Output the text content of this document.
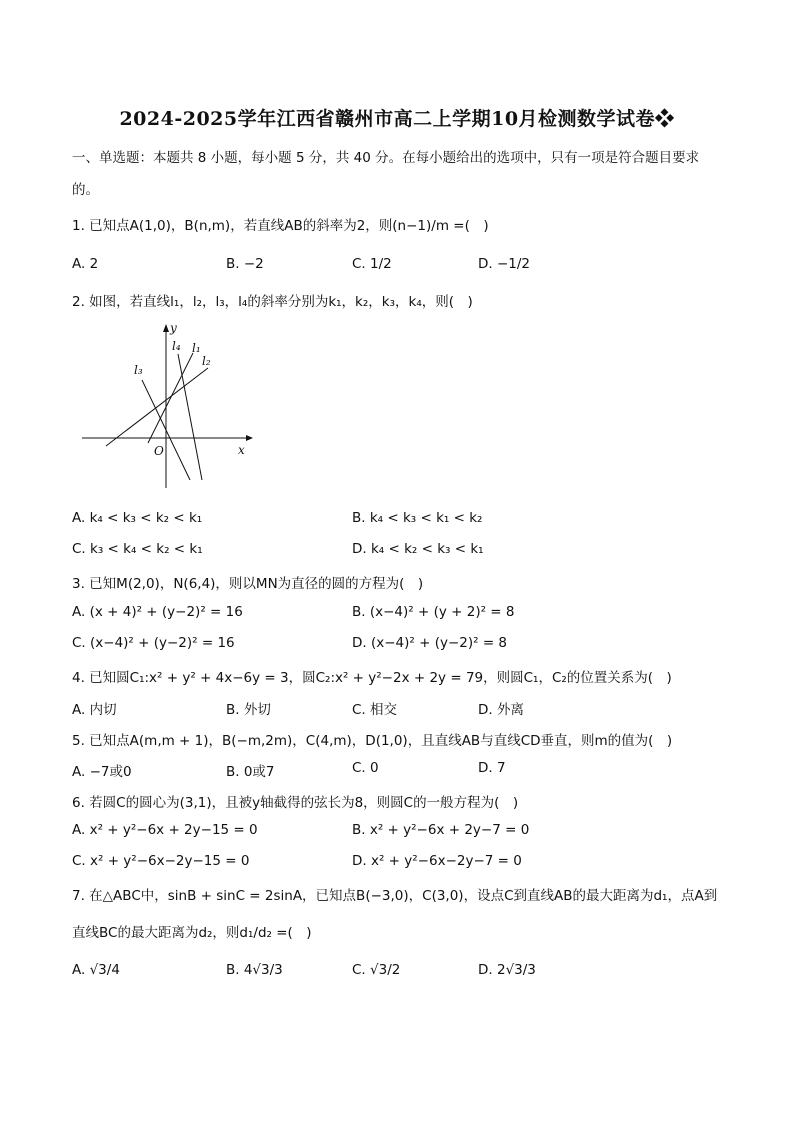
2024-2025学年江西省赣州市高二上学期10月检测数学试卷❖
一、单选题：本题共 8 小题，每小题 5 分，共 40 分。在每小题给出的选项中，只有一项是符合题目要求
的。
1. 已知点A(1,0)，B(n,m)，若直线AB的斜率为2，则(n−1)/m =(　)
A. 2	B. −2	C. 1/2	D. −1/2
2. 如图，若直线l₁，l₂，l₃，l₄的斜率分别为k₁，k₂，k₃，k₄，则(　)
y
x
O
l₄ l₁
l₂
l₃
A. k₄ < k₃ < k₂ < k₁	B. k₄ < k₃ < k₁ < k₂
C. k₃ < k₄ < k₂ < k₁	D. k₄ < k₂ < k₃ < k₁
3. 已知M(2,0)，N(6,4)，则以MN为直径的圆的方程为(　)
A. (x + 4)² + (y−2)² = 16	B. (x−4)² + (y + 2)² = 8
C. (x−4)² + (y−2)² = 16	D. (x−4)² + (y−2)² = 8
4. 已知圆C₁:x² + y² + 4x−6y = 3，圆C₂:x² + y²−2x + 2y = 79，则圆C₁，C₂的位置关系为(　)
A. 内切	B. 外切	C. 相交	D. 外离
5. 已知点A(m,m + 1)，B(−m,2m)，C(4,m)，D(1,0)，且直线AB与直线CD垂直，则m的值为(　)
A. −7或0	B. 0或7	C. 0	D. 7
6. 若圆C的圆心为(3,1)，且被y轴截得的弦长为8，则圆C的一般方程为(　)
A. x² + y²−6x + 2y−15 = 0	B. x² + y²−6x + 2y−7 = 0
C. x² + y²−6x−2y−15 = 0	D. x² + y²−6x−2y−7 = 0
7. 在△ABC中，sinB + sinC = 2sinA，已知点B(−3,0)，C(3,0)，设点C到直线AB的最大距离为d₁，点A到
直线BC的最大距离为d₂，则d₁/d₂ =(　)
A. √3/4	B. 4√3/3	C. √3/2	D. 2√3/3
